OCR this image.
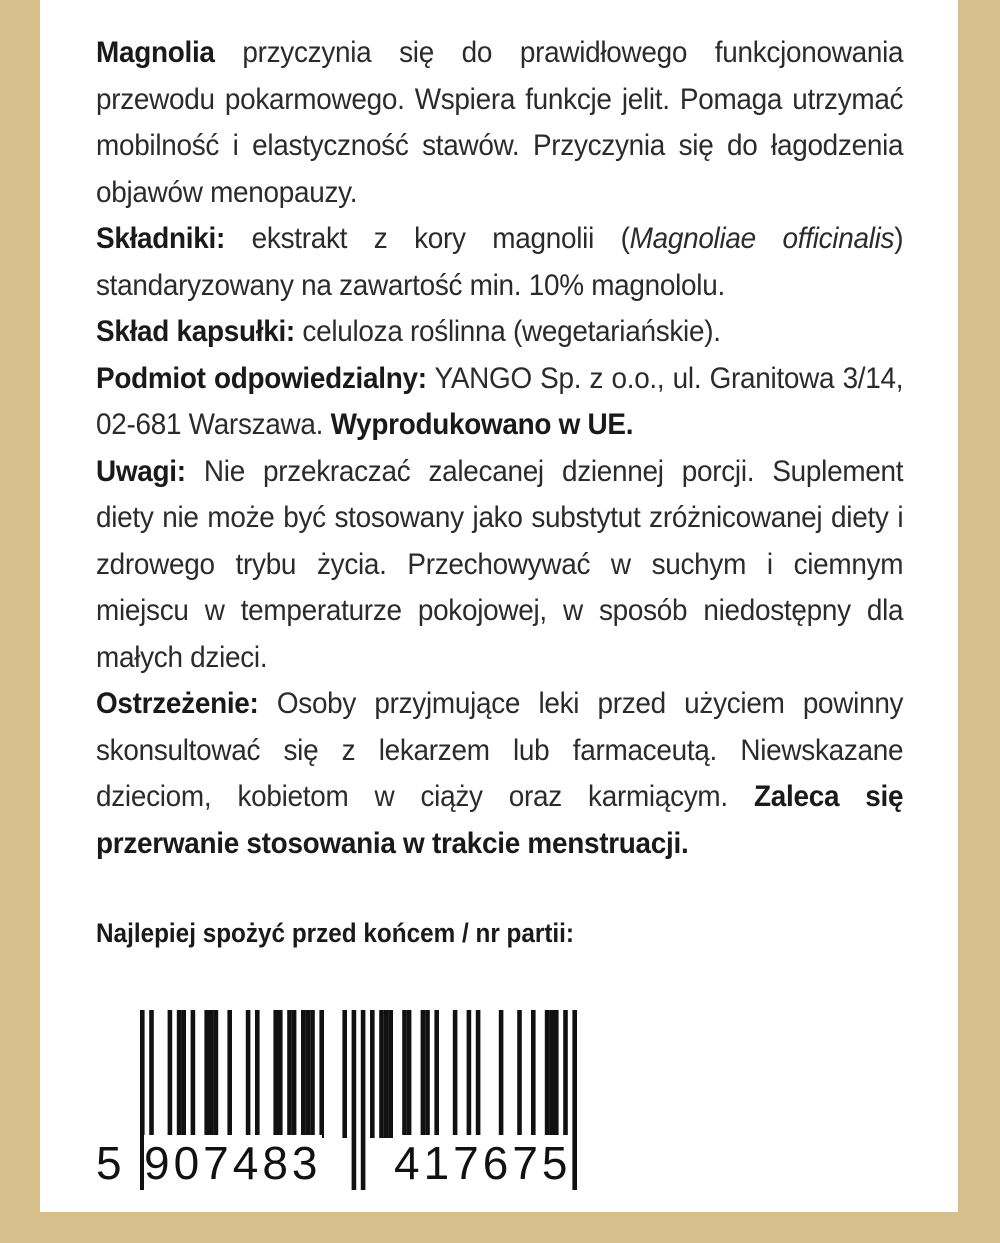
Magnolia przyczynia się do prawidłowego funkcjonowania przewodu pokarmowego. Wspiera funkcje jelit. Pomaga utrzymać mobilność i elastyczność stawów. Przyczynia się do łagodzenia objawów menopauzy.

Składniki: ekstrakt z kory magnolii (Magnoliae officinalis) standaryzowany na zawartość min. 10% magnololu.

Skład kapsułki: celuloza roślinna (wegetariańskie).

Podmiot odpowiedzialny: YANGO Sp. z o.o., ul. Granitowa 3/14, 02-681 Warszawa. Wyprodukowano w UE.

Uwagi: Nie przekraczać zalecanej dziennej porcji. Suplement diety nie może być stosowany jako substytut zróżnicowanej diety i zdrowego trybu życia. Przechowywać w suchym i ciemnym miejscu w temperaturze pokojowej, w sposób niedostępny dla małych dzieci.

Ostrzeżenie: Osoby przyjmujące leki przed użyciem powinny skonsultować się z lekarzem lub farmaceutą. Niewskazane dzieciom, kobietom w ciąży oraz karmiącym. Zaleca się przerwanie stosowania w trakcie menstruacji.

Najlepiej spożyć przed końcem / nr partii:
5 907483 417675
